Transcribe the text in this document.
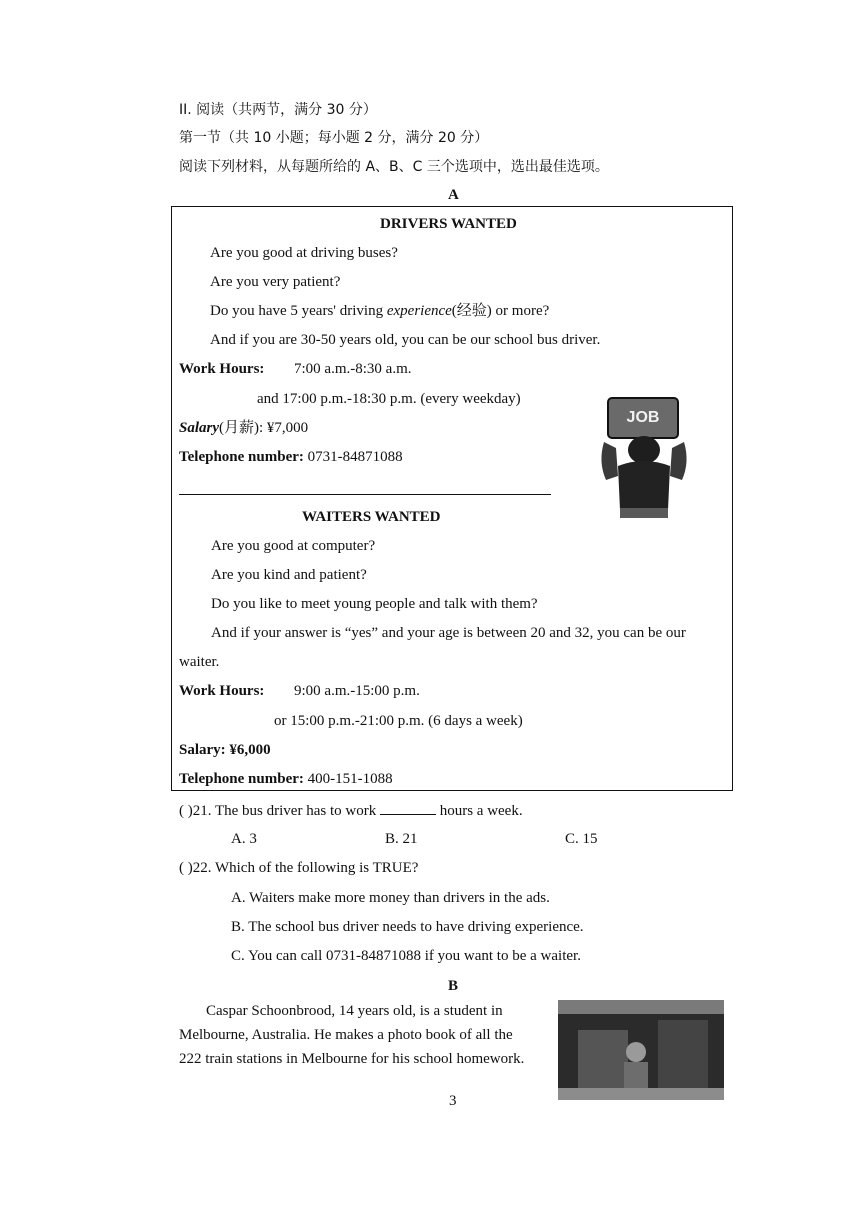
II. 阅读（共两节，满分 30 分）
第一节（共 10 小题；每小题 2 分，满分 20 分）
阅读下列材料，从每题所给的 A、B、C 三个选项中，选出最佳选项。
A
DRIVERS WANTED
Are you good at driving buses?
Are you very patient?
Do you have 5 years' driving experience(经验) or more?
And if you are 30-50 years old, you can be our school bus driver.
Work Hours: 7:00 a.m.-8:30 a.m.
and 17:00 p.m.-18:30 p.m. (every weekday)
Salary(月薪): ¥7,000
Telephone number: 0731-84871088
JOB
WAITERS WANTED
Are you good at computer?
Are you kind and patient?
Do you like to meet young people and talk with them?
And if your answer is “yes” and your age is between 20 and 32, you can be our
waiter.
Work Hours: 9:00 a.m.-15:00 p.m.
or 15:00 p.m.-21:00 p.m. (6 days a week)
Salary: ¥6,000
Telephone number: 400-151-1088
( )21. The bus driver has to work	hours a week.
A. 3	B. 21	C. 15
( )22. Which of the following is TRUE?
A. Waiters make more money than drivers in the ads.
B. The school bus driver needs to have driving experience.
C. You can call 0731-84871088 if you want to be a waiter.
B
Caspar Schoonbrood, 14 years old, is a student in
Melbourne, Australia. He makes a photo book of all the
222 train stations in Melbourne for his school homework.
3
